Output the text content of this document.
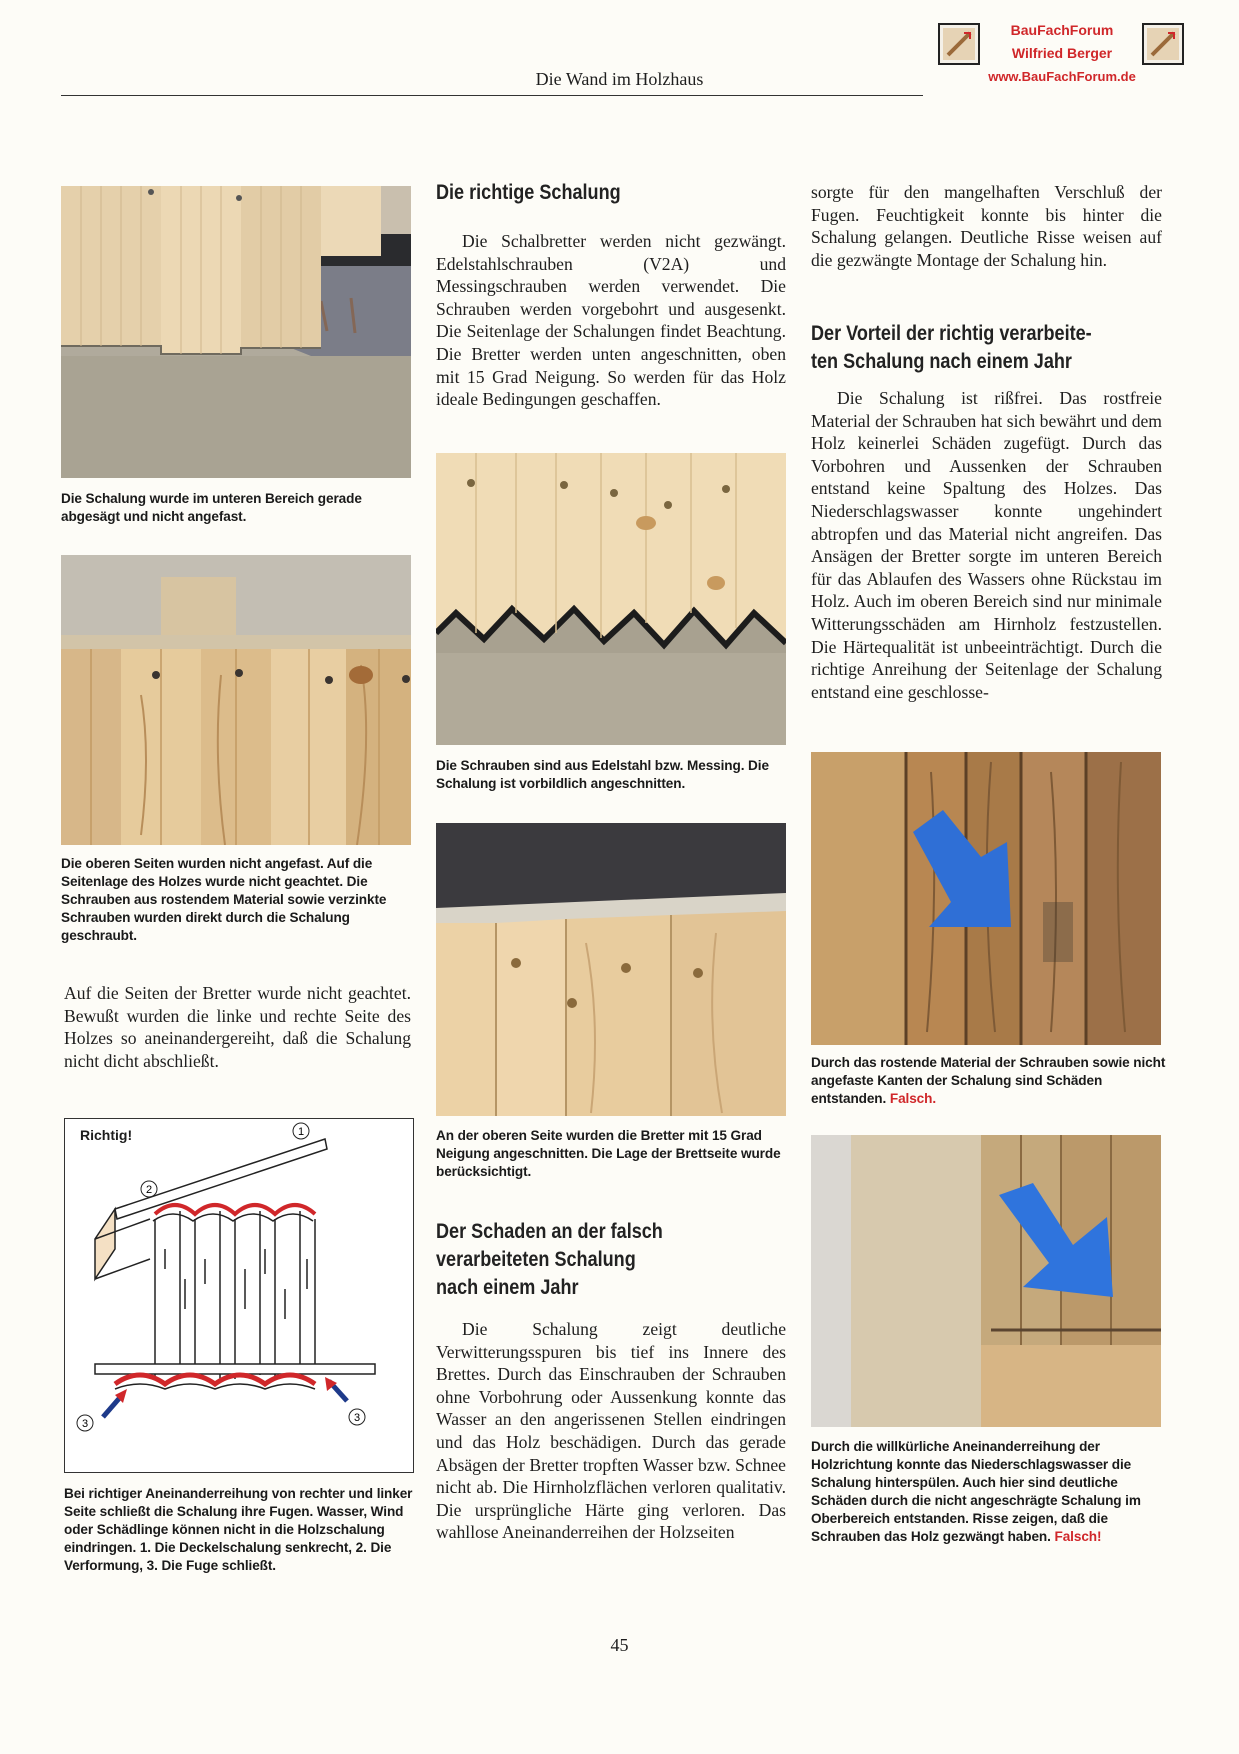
Die Wand im Holzhaus
BauFachForum
Wilfried Berger
www.BauFachForum.de
Die Schalung wurde im unteren Bereich gerade abgesägt und nicht angefast.
Die oberen Seiten wurden nicht angefast. Auf die Seitenlage des Holzes wurde nicht geachtet. Die Schrauben aus rostendem Material sowie verzinkte Schrauben wurden direkt durch die Schalung geschraubt.

Auf die Seiten der Bretter wurde nicht geachtet. Bewußt wurden die linke und rechte Seite des Holzes so aneinandergereiht, daß die Schalung nicht dicht abschließt.

1
2
3	3
Richtig!
Bei richtiger Aneinanderreihung von rechter und linker Seite schließt die Schalung ihre Fugen. Wasser, Wind oder Schädlinge können nicht in die Holzschalung eindringen. 1. Die Deckelschalung senkrecht, 2. Die Verformung, 3. Die Fuge schließt.
Die richtige Schalung

Die Schalbretter werden nicht gezwängt. Edelstahlschrauben (V2A) und Messingschrauben werden verwendet. Die Schrauben werden vorgebohrt und ausgesenkt. Die Seitenlage der Schalungen findet Beachtung. Die Bretter werden unten angeschnitten, oben mit 15 Grad Neigung. So werden für das Holz ideale Bedingungen geschaffen.

Die Schrauben sind aus Edelstahl bzw. Messing. Die Schalung ist vorbildlich angeschnitten.
An der oberen Seite wurden die Bretter mit 15 Grad Neigung angeschnitten. Die Lage der Brettseite wurde berücksichtigt.
Der Schaden an der falsch
verarbeiteten Schalung
nach einem Jahr

Die Schalung zeigt deutliche Verwitterungsspuren bis tief ins Innere des Brettes. Durch das Einschrauben der Schrauben ohne Vorbohrung oder Aussenkung konnte das Wasser an den angerissenen Stellen eindringen und das Holz beschädigen. Durch das gerade Absägen der Bretter tropften Wasser bzw. Schnee nicht ab. Die Hirnholzflächen verloren qualitativ. Die ursprüngliche Härte ging verloren. Das wahllose Aneinanderreihen der Holzseiten

sorgte für den mangelhaften Verschluß der Fugen. Feuchtigkeit konnte bis hinter die Schalung gelangen. Deutliche Risse weisen auf die gezwängte Montage der Schalung hin.

Der Vorteil der richtig verarbeite-
ten Schalung nach einem Jahr

Die Schalung ist rißfrei. Das rostfreie Material der Schrauben hat sich bewährt und dem Holz keinerlei Schäden zugefügt. Durch das Vorbohren und Aussenken der Schrauben entstand keine Spaltung des Holzes. Das Niederschlagswasser konnte ungehindert abtropfen und das Material nicht angreifen. Das Ansägen der Bretter sorgte im unteren Bereich für das Ablaufen des Wassers ohne Rückstau im Holz. Auch im oberen Bereich sind nur minimale Witterungsschäden am Hirnholz festzustellen. Die Härtequalität ist unbeeinträchtigt. Durch die richtige Anreihung der Seitenlage der Schalung entstand eine geschlosse-

Durch das rostende Material der Schrauben sowie nicht angefaste Kanten der Schalung sind Schäden entstanden. Falsch.
Durch die willkürliche Aneinanderreihung der Holzrichtung konnte das Niederschlagswasser die Schalung hinterspülen. Auch hier sind deutliche Schäden durch die nicht angeschrägte Schalung im Oberbereich entstanden. Risse zeigen, daß die Schrauben das Holz gezwängt haben. Falsch!
45
